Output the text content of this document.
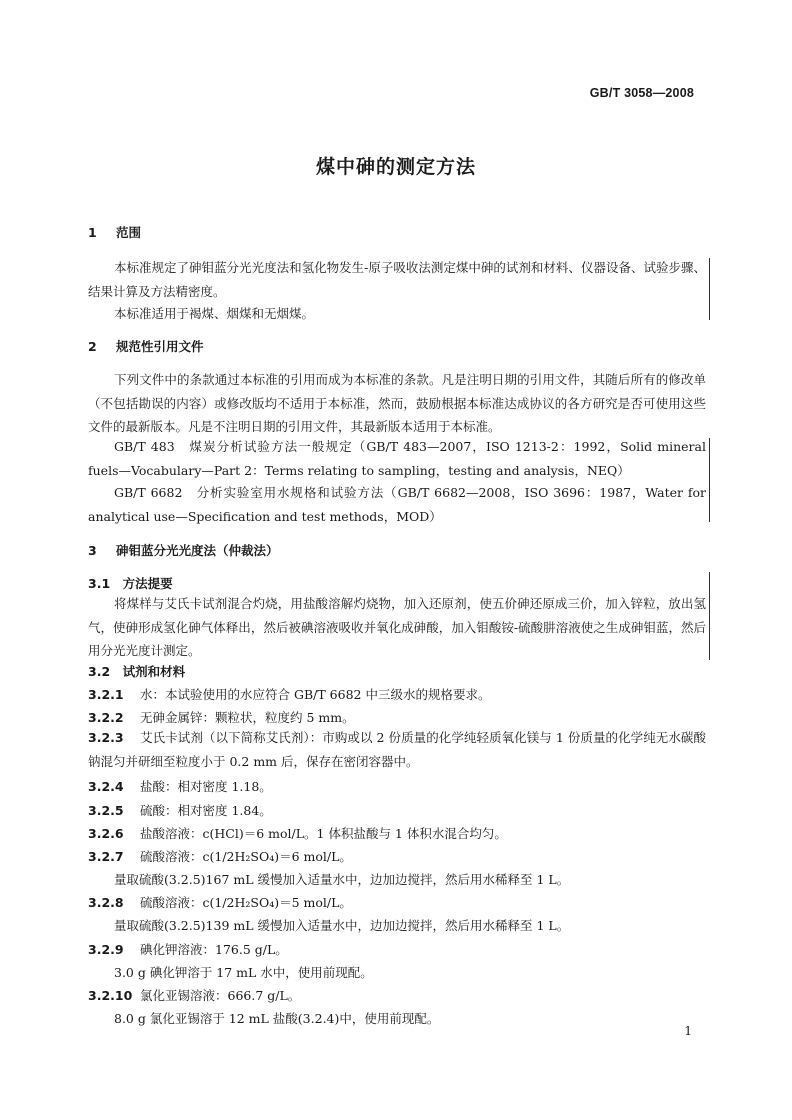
GB/T 3058—2008
煤中砷的测定方法
1 范围
本标准规定了砷钼蓝分光光度法和氢化物发生-原子吸收法测定煤中砷的试剂和材料、仪器设备、试验步骤、结果计算及方法精密度。
本标准适用于褐煤、烟煤和无烟煤。
2 规范性引用文件
下列文件中的条款通过本标准的引用而成为本标准的条款。凡是注明日期的引用文件，其随后所有的修改单（不包括勘误的内容）或修改版均不适用于本标准，然而，鼓励根据本标准达成协议的各方研究是否可使用这些文件的最新版本。凡是不注明日期的引用文件，其最新版本适用于本标准。
GB/T 483　煤炭分析试验方法一般规定（GB/T 483—2007，ISO 1213-2：1992，Solid mineral fuels—Vocabulary—Part 2：Terms relating to sampling，testing and analysis，NEQ）
GB/T 6682　分析实验室用水规格和试验方法（GB/T 6682—2008，ISO 3696：1987，Water for analytical use—Specification and test methods，MOD）
3 砷钼蓝分光光度法（仲裁法）
3.1　方法提要
将煤样与艾氏卡试剂混合灼烧，用盐酸溶解灼烧物，加入还原剂，使五价砷还原成三价，加入锌粒，放出氢气，使砷形成氢化砷气体释出，然后被碘溶液吸收并氧化成砷酸，加入钼酸铵-硫酸肼溶液使之生成砷钼蓝，然后用分光光度计测定。
3.2　试剂和材料
3.2.1 水：本试验使用的水应符合 GB/T 6682 中三级水的规格要求。
3.2.2 无砷金属锌：颗粒状，粒度约 5 mm。
3.2.3 艾氏卡试剂（以下简称艾氏剂）：市购或以 2 份质量的化学纯轻质氧化镁与 1 份质量的化学纯无水碳酸钠混匀并研细至粒度小于 0.2 mm 后，保存在密闭容器中。
3.2.4 盐酸：相对密度 1.18。
3.2.5 硫酸：相对密度 1.84。
3.2.6 盐酸溶液：c(HCl)＝6 mol/L。1 体积盐酸与 1 体积水混合均匀。
3.2.7 硫酸溶液：c(1/2H₂SO₄)＝6 mol/L。
量取硫酸(3.2.5)167 mL 缓慢加入适量水中，边加边搅拌，然后用水稀释至 1 L。
3.2.8 硫酸溶液：c(1/2H₂SO₄)＝5 mol/L。
量取硫酸(3.2.5)139 mL 缓慢加入适量水中，边加边搅拌，然后用水稀释至 1 L。
3.2.9 碘化钾溶液：176.5 g/L。
3.0 g 碘化钾溶于 17 mL 水中，使用前现配。
3.2.10 氯化亚锡溶液：666.7 g/L。
8.0 g 氯化亚锡溶于 12 mL 盐酸(3.2.4)中，使用前现配。
1
